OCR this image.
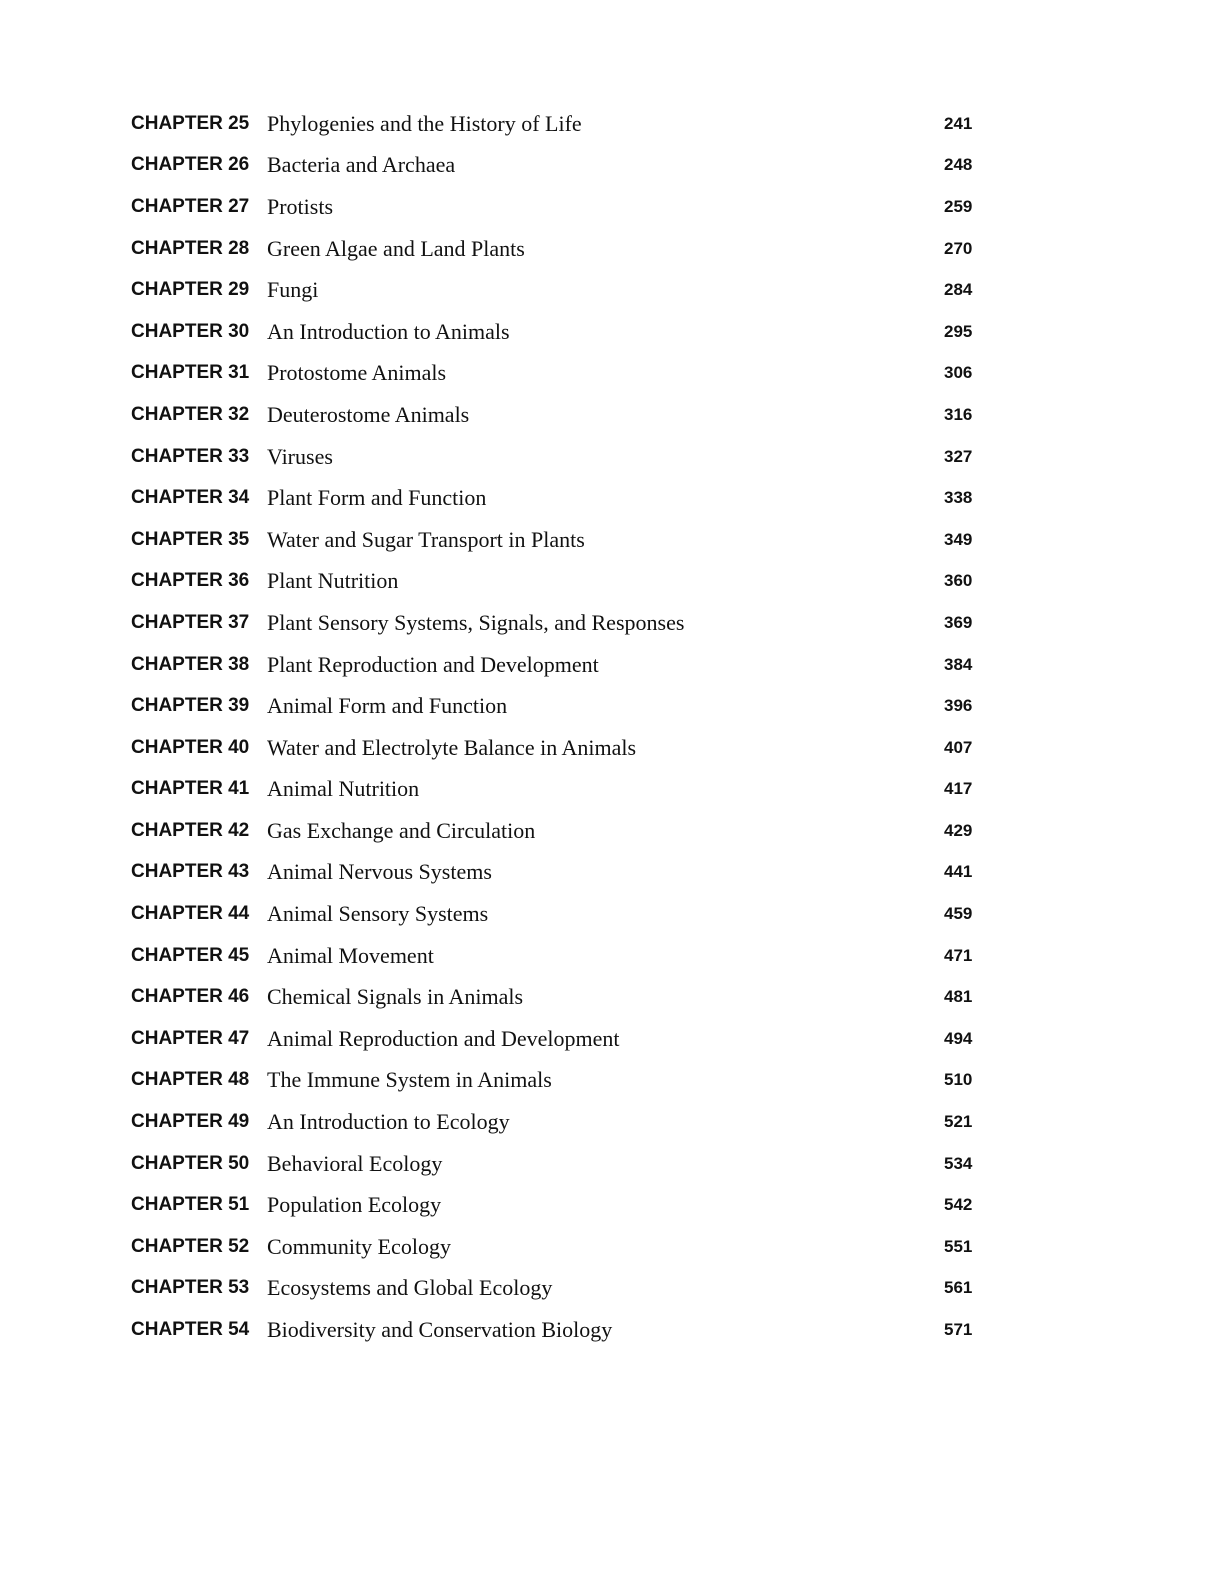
CHAPTER 25 Phylogenies and the History of Life	241
CHAPTER 26 Bacteria and Archaea	248
CHAPTER 27 Protists	259
CHAPTER 28 Green Algae and Land Plants	270
CHAPTER 29 Fungi	284
CHAPTER 30 An Introduction to Animals	295
CHAPTER 31 Protostome Animals	306
CHAPTER 32 Deuterostome Animals	316
CHAPTER 33 Viruses	327
CHAPTER 34 Plant Form and Function	338
CHAPTER 35 Water and Sugar Transport in Plants	349
CHAPTER 36 Plant Nutrition	360
CHAPTER 37 Plant Sensory Systems, Signals, and Responses	369
CHAPTER 38 Plant Reproduction and Development	384
CHAPTER 39 Animal Form and Function	396
CHAPTER 40 Water and Electrolyte Balance in Animals	407
CHAPTER 41 Animal Nutrition	417
CHAPTER 42 Gas Exchange and Circulation	429
CHAPTER 43 Animal Nervous Systems	441
CHAPTER 44 Animal Sensory Systems	459
CHAPTER 45 Animal Movement	471
CHAPTER 46 Chemical Signals in Animals	481
CHAPTER 47 Animal Reproduction and Development	494
CHAPTER 48 The Immune System in Animals	510
CHAPTER 49 An Introduction to Ecology	521
CHAPTER 50 Behavioral Ecology	534
CHAPTER 51 Population Ecology	542
CHAPTER 52 Community Ecology	551
CHAPTER 53 Ecosystems and Global Ecology	561
CHAPTER 54 Biodiversity and Conservation Biology	571
